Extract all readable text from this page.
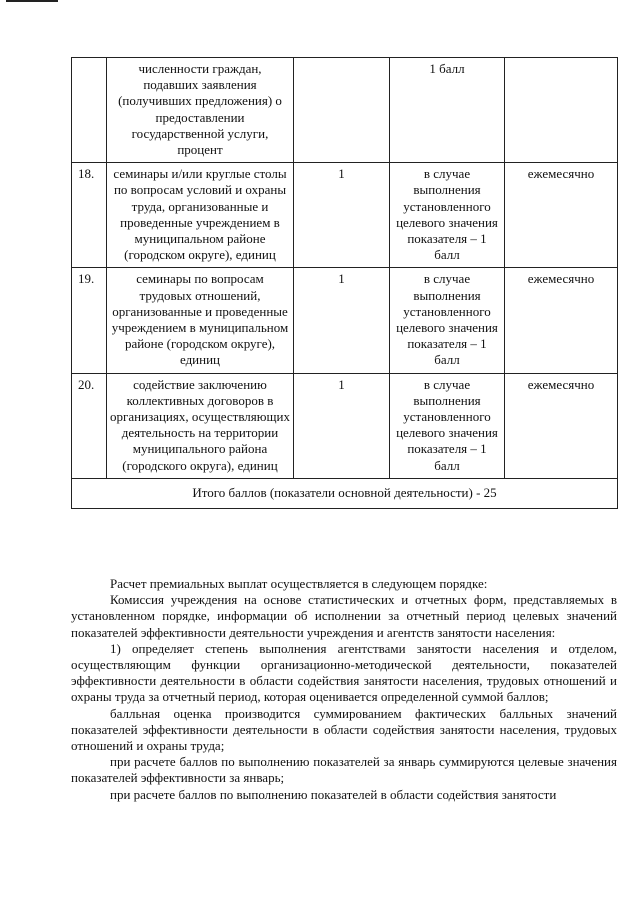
	численности граждан, подавших заявления (получивших предложения) о предоставлении государственной услуги, процент		1 балл	
18.	семинары и/или круглые столы по вопросам условий и охраны труда, организованные и проведенные учреждением в муниципальном районе (городском округе), единиц	1	в случае выполнения установленного целевого значения показателя – 1 балл	ежемесячно
19.	семинары по вопросам трудовых отношений, организованные и проведенные учреждением в муниципальном районе (городском округе), единиц	1	в случае выполнения установленного целевого значения показателя – 1 балл	ежемесячно
20.	содействие заключению коллективных договоров в организациях, осуществляющих деятельность на территории муниципального района (городского округа), единиц	1	в случае выполнения установленного целевого значения показателя – 1 балл	ежемесячно
Итого баллов (показатели основной деятельности) - 25				

Расчет премиальных выплат осуществляется в следующем порядке:

Комиссия учреждения на основе статистических и отчетных форм, представляемых в установленном порядке, информации об исполнении за отчетный период целевых значений показателей эффективности деятельности учреждения и агентств занятости населения:

1) определяет степень выполнения агентствами занятости населения и отделом, осуществляющим функции организационно-методической деятельности, показателей эффективности деятельности в области содействия занятости населения, трудовых отношений и охраны труда за отчетный период, которая оценивается определенной суммой баллов;

балльная оценка производится суммированием фактических балльных значений показателей эффективности деятельности в области содействия занятости населения, трудовых отношений и охраны труда;

при расчете баллов по выполнению показателей за январь суммируются целевые значения показателей эффективности за январь;

при расчете баллов по выполнению показателей в области содействия занятости
